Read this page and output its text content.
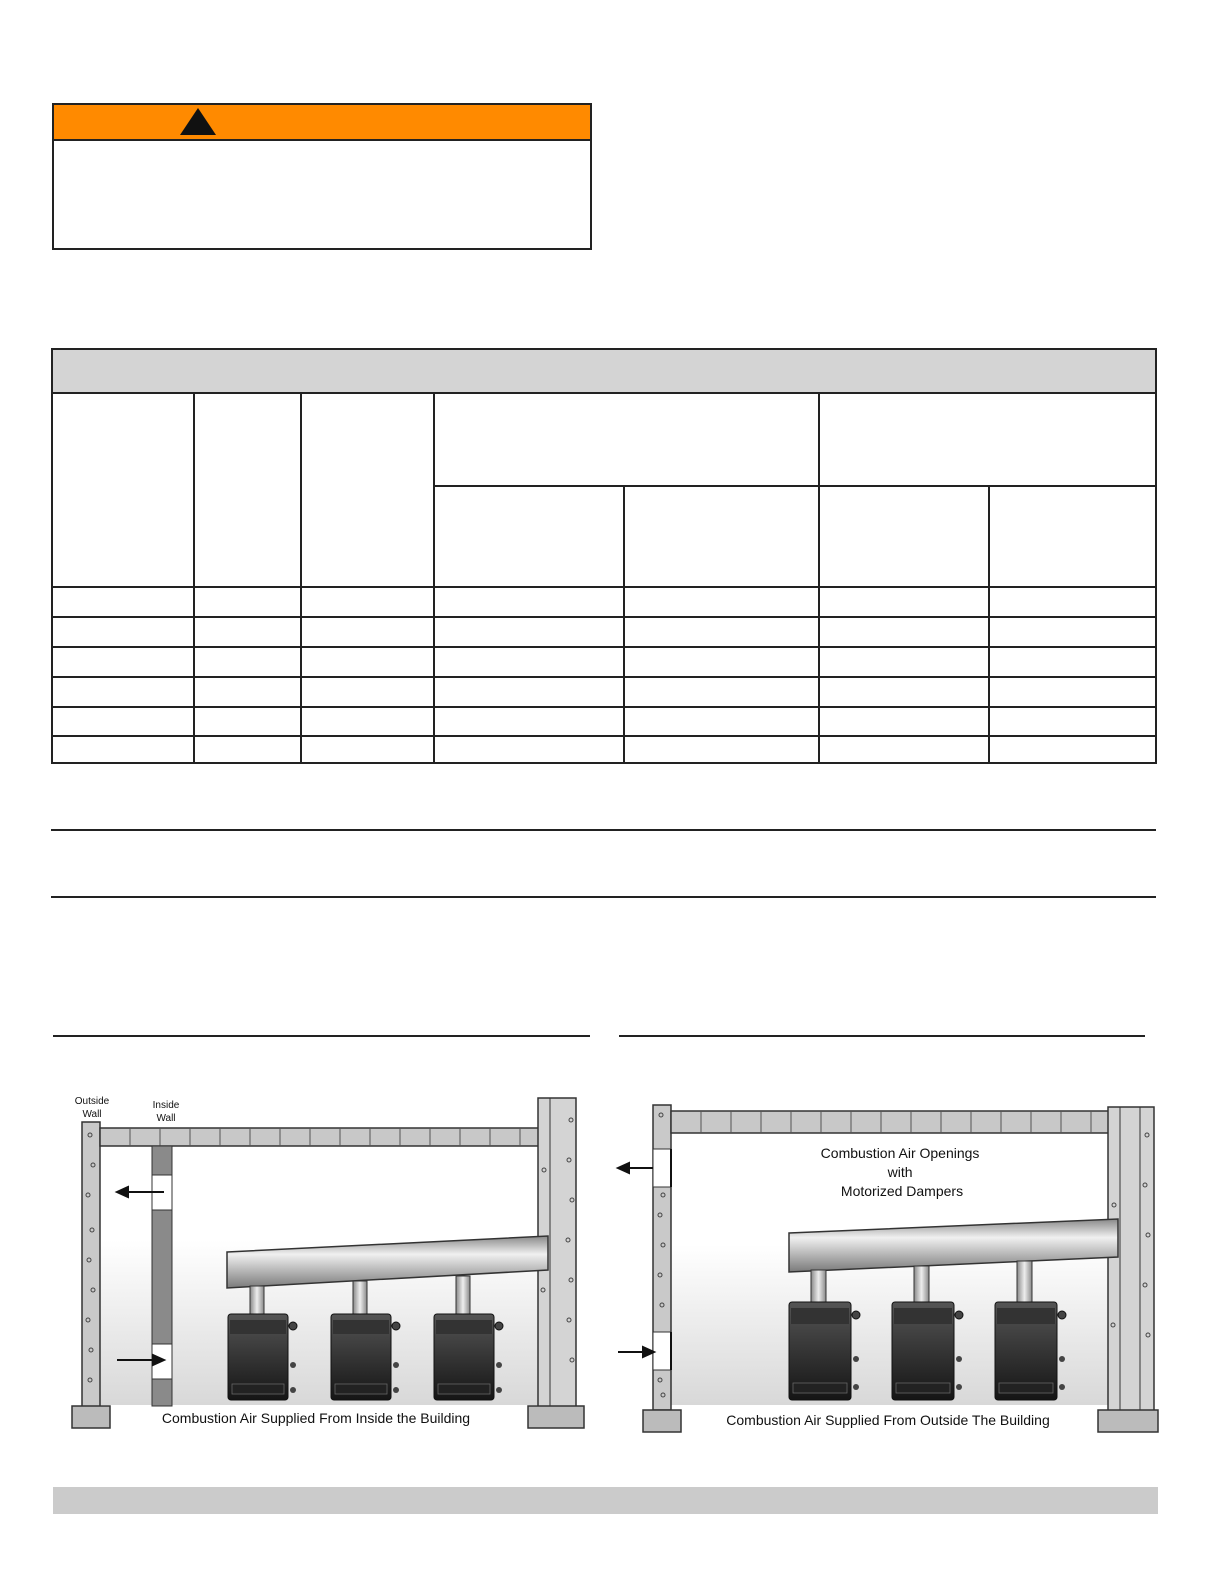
Outside Wall
Inside Wall
Combustion Air Supplied From Inside the Building
Combustion Air Openings with Motorized Dampers
Combustion Air Supplied From Outside The Building
